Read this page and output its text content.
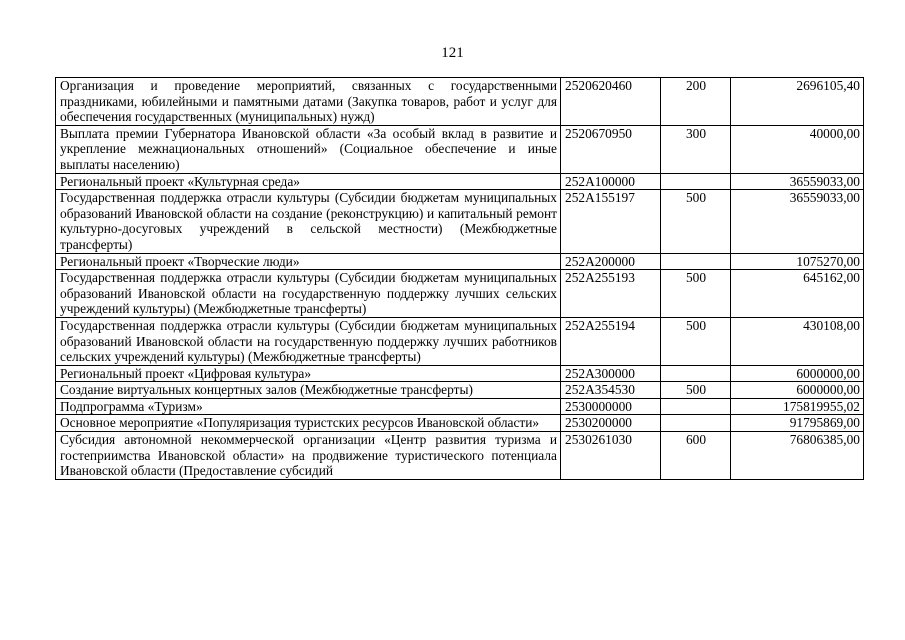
121
Организация и проведение мероприятий, связанных с государственными праздниками, юбилейными и памятными датами (Закупка товаров, работ и услуг для обеспечения государственных (муниципальных) нужд)	2520620460	200	2696105,40
Выплата премии Губернатора Ивановской области «За особый вклад в развитие и укрепление межнациональных отношений» (Социальное обеспечение и иные выплаты населению)	2520670950	300	40000,00
Региональный проект «Культурная среда»	252A100000		36559033,00
Государственная поддержка отрасли культуры (Субсидии бюджетам муниципальных образований Ивановской области на создание (реконструкцию) и капитальный ремонт культурно-досуговых учреждений в сельской местности) (Межбюджетные трансферты)	252A155197	500	36559033,00
Региональный проект «Творческие люди»	252A200000		1075270,00
Государственная поддержка отрасли культуры (Субсидии бюджетам муниципальных образований Ивановской области на государственную поддержку лучших сельских учреждений культуры) (Межбюджетные трансферты)	252A255193	500	645162,00
Государственная поддержка отрасли культуры (Субсидии бюджетам муниципальных образований Ивановской области на государственную поддержку лучших работников сельских учреждений культуры) (Межбюджетные трансферты)	252A255194	500	430108,00
Региональный проект «Цифровая культура»	252A300000		6000000,00
Создание виртуальных концертных залов (Межбюджетные трансферты)	252A354530	500	6000000,00
Подпрограмма «Туризм»	2530000000		175819955,02
Основное мероприятие «Популяризация туристских ресурсов Ивановской области»	2530200000		91795869,00
Субсидия автономной некоммерческой организации «Центр развития туризма и гостеприимства Ивановской области» на продвижение туристического потенциала Ивановской области (Предоставление субсидий	2530261030	600	76806385,00
